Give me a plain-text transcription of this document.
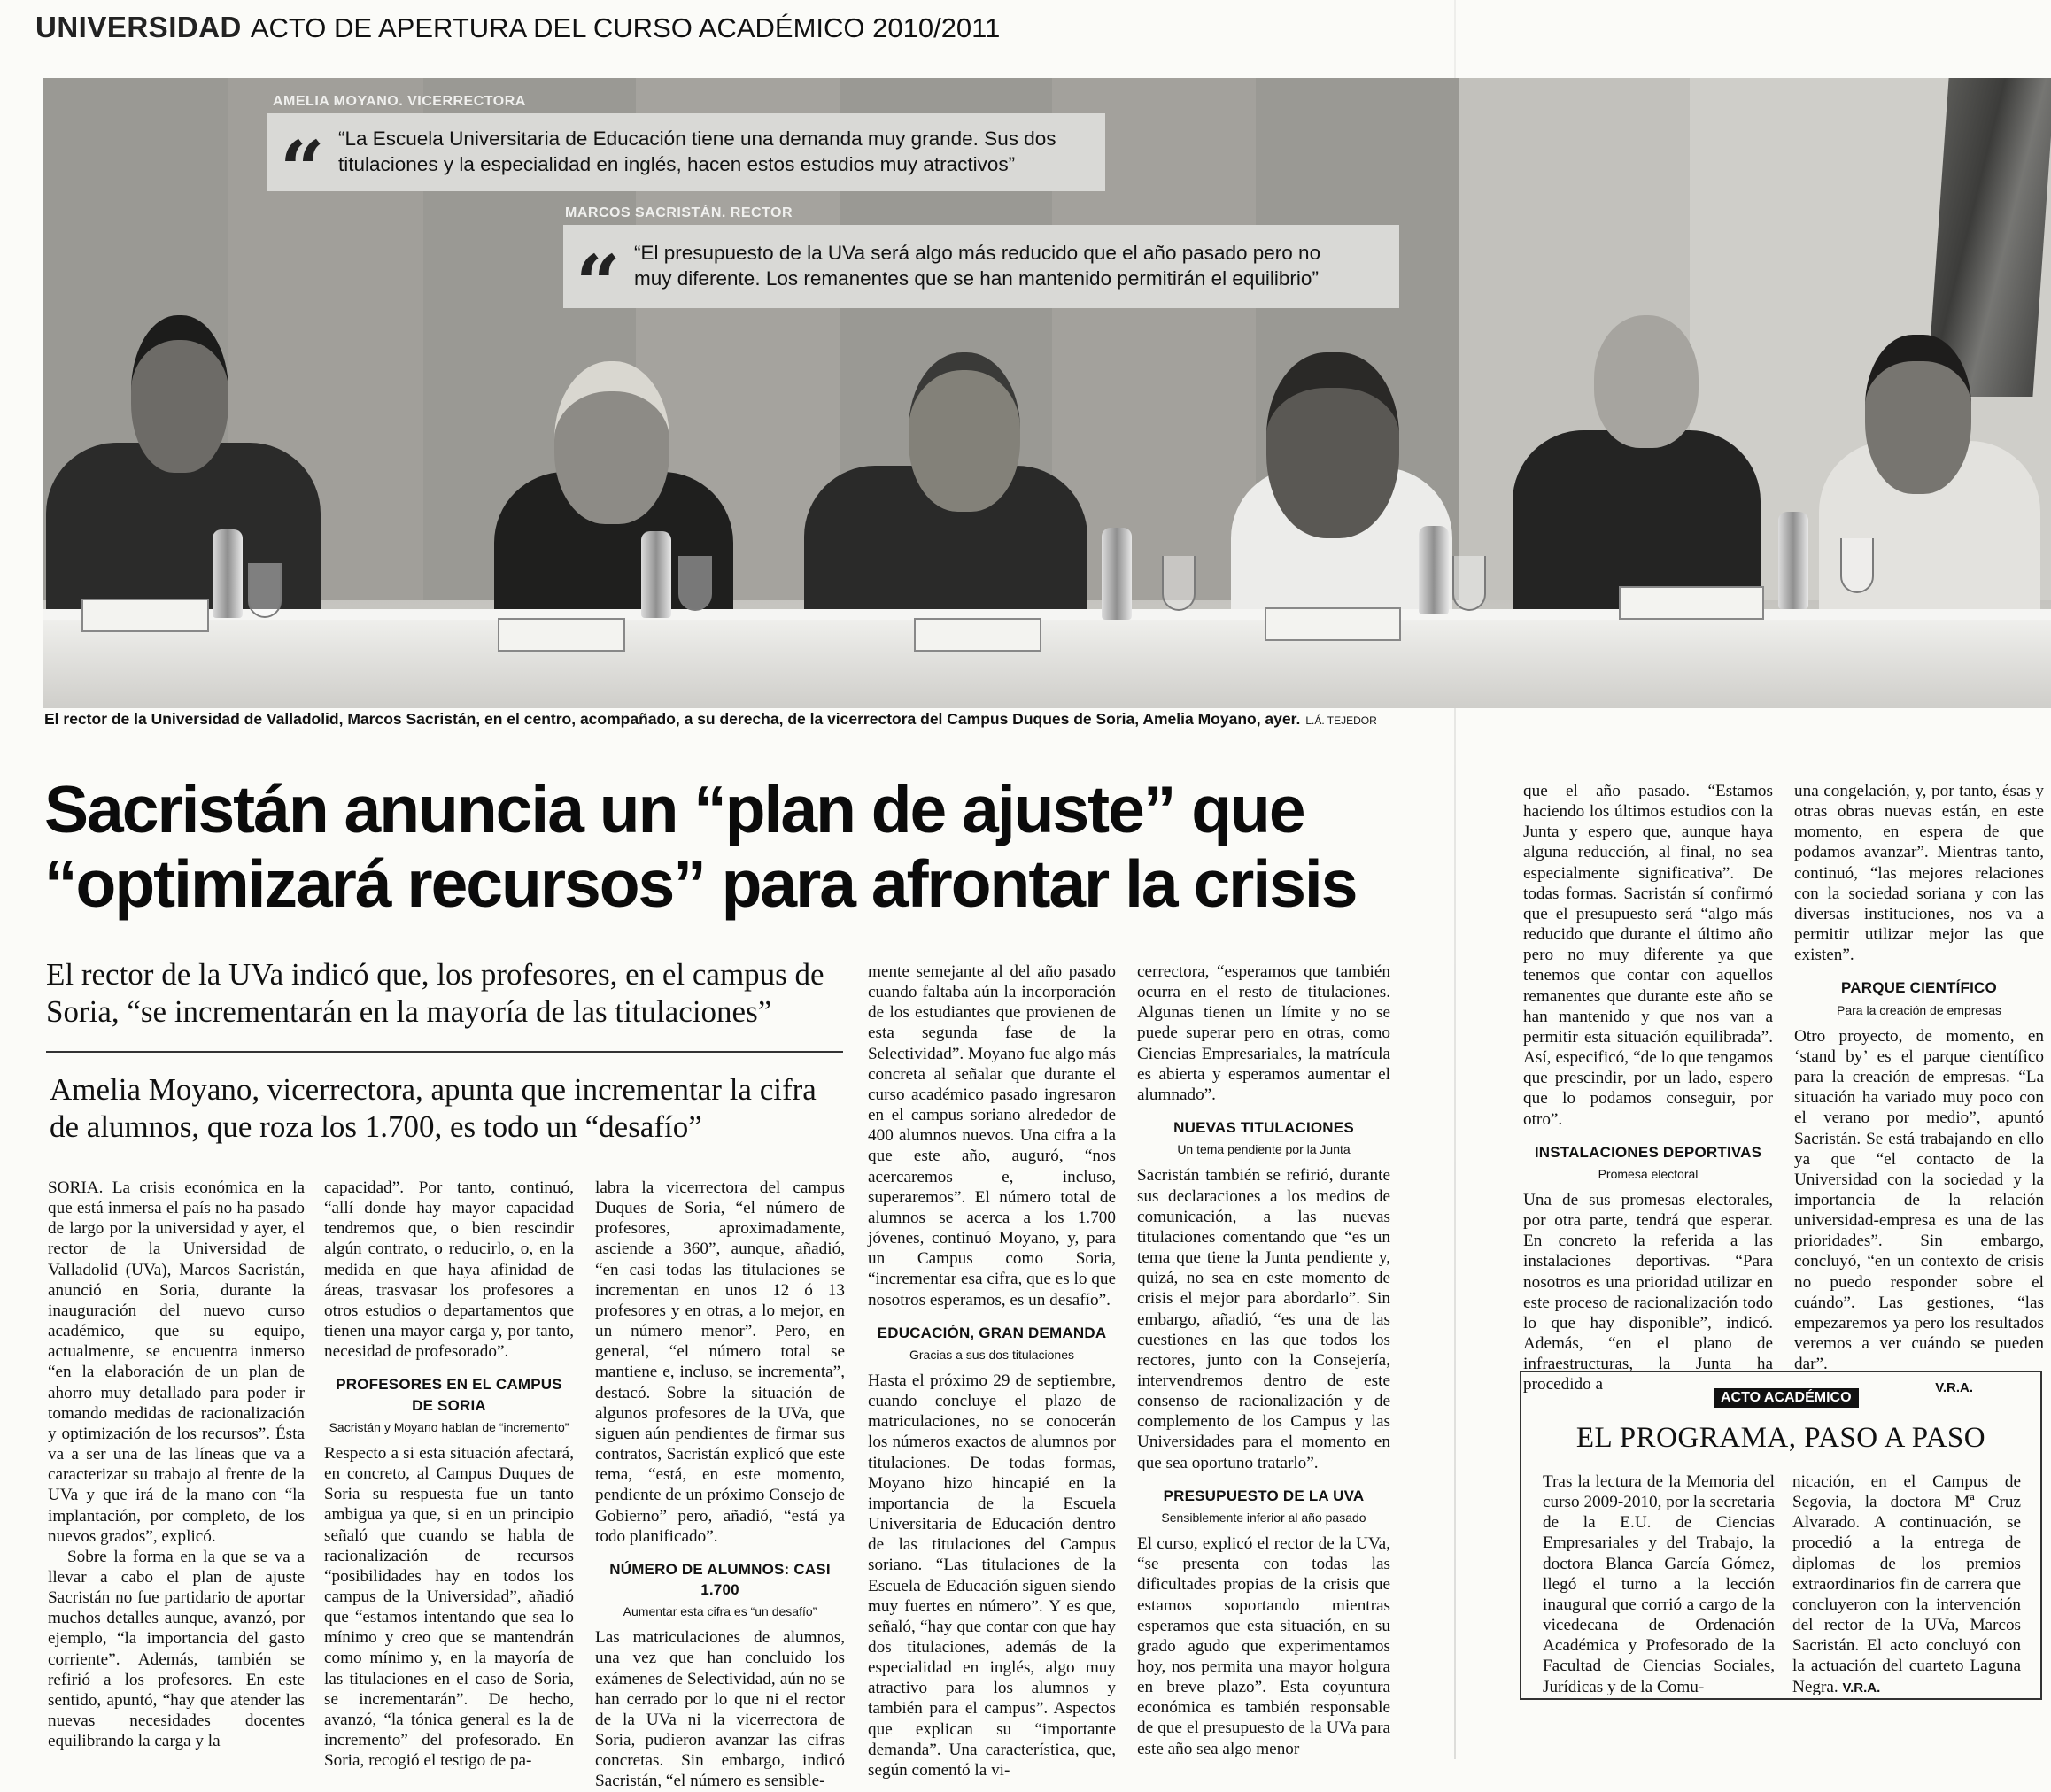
UNIVERSIDAD ACTO DE APERTURA DEL CURSO ACADÉMICO 2010/2011
AMELIA MOYANO. VICERRECTORA
“ “La Escuela Universitaria de Educación tiene una demanda muy grande. Sus dos
titulaciones y la especialidad en inglés, hacen estos estudios muy atractivos”
MARCOS SACRISTÁN. RECTOR
“ “El presupuesto de la UVa será algo más reducido que el año pasado pero no
muy diferente. Los remanentes que se han mantenido permitirán el equilibrio”
El rector de la Universidad de Valladolid, Marcos Sacristán, en el centro, acompañado, a su derecha, de la vicerrectora del Campus Duques de Soria, Amelia Moyano, ayer. L.Á. TEJEDOR
Sacristán anuncia un “plan de ajuste” que
“optimizará recursos” para afrontar la crisis
El rector de la UVa indicó que, los profesores, en el campus de Soria, “se incrementarán en la mayoría de las titulaciones”
Amelia Moyano, vicerrectora, apunta que incrementar la cifra de alumnos, que roza los 1.700, es todo un “desafío”

SORIA. La crisis económica en la que está inmersa el país no ha pasado de largo por la universidad y ayer, el rector de la Universidad de Valladolid (UVa), Marcos Sacristán, anunció en Soria, durante la inauguración del nuevo curso académico, que su equipo, actualmente, se encuentra inmerso “en la elaboración de un plan de ahorro muy detallado para poder ir tomando medidas de racionalización y optimización de los recursos”. Ésta va a ser una de las líneas que va a caracterizar su trabajo al frente de la UVa y que irá de la mano con “la implantación, por completo, de los nuevos grados”, explicó.

Sobre la forma en la que se va a llevar a cabo el plan de ajuste Sacristán no fue partidario de aportar muchos detalles aunque, avanzó, por ejemplo, “la importancia del gasto corriente”. Además, también se refirió a los profesores. En este sentido, apuntó, “hay que atender las nuevas necesidades docentes equilibrando la carga y la

capacidad”. Por tanto, continuó, “allí donde hay mayor capacidad tendremos que, o bien rescindir algún contrato, o reducirlo, o, en la medida en que haya afinidad de áreas, trasvasar los profesores a otros estudios o departamentos que tienen una mayor carga y, por tanto, necesidad de profesorado”.

PROFESORES EN EL CAMPUS DE SORIA
Sacristán y Moyano hablan de “incremento”

Respecto a si esta situación afectará, en concreto, al Campus Duques de Soria su respuesta fue un tanto ambigua ya que, si en un principio señaló que cuando se habla de racionalización de recursos “posibilidades hay en todos los campus de la Universidad”, añadió que “estamos intentando que sea lo mínimo y creo que se mantendrán como mínimo y, en la mayoría de las titulaciones en el caso de Soria, se incrementarán”. De hecho, avanzó, “la tónica general es la de incremento” del profesorado. En Soria, recogió el testigo de pa-

labra la vicerrectora del campus Duques de Soria, “el número de profesores, aproximadamente, asciende a 360”, aunque, añadió, “en casi todas las titulaciones se incrementan en unos 12 ó 13 profesores y en otras, a lo mejor, en un número menor”. Pero, en general, “el número total se mantiene e, incluso, se incrementa”, destacó. Sobre la situación de algunos profesores de la UVa, que siguen aún pendientes de firmar sus contratos, Sacristán explicó que este tema, “está, en este momento, pendiente de un próximo Consejo de Gobierno” pero, añadió, “está ya todo planificado”.

NÚMERO DE ALUMNOS: CASI 1.700
Aumentar esta cifra es “un desafío”

Las matriculaciones de alumnos, una vez que han concluido los exámenes de Selectividad, aún no se han cerrado por lo que ni el rector de la UVa ni la vicerrectora de Soria, pudieron avanzar las cifras concretas. Sin embargo, indicó Sacristán, “el número es sensible-

mente semejante al del año pasado cuando faltaba aún la incorporación de los estudiantes que provienen de esta segunda fase de la Selectividad”. Moyano fue algo más concreta al señalar que durante el curso académico pasado ingresaron en el campus soriano alrededor de 400 alumnos nuevos. Una cifra a la que este año, auguró, “nos acercaremos e, incluso, superaremos”. El número total de alumnos se acerca a los 1.700 jóvenes, continuó Moyano, y, para un Campus como Soria, “incrementar esa cifra, que es lo que nosotros esperamos, es un desafío”.

EDUCACIÓN, GRAN DEMANDA
Gracias a sus dos titulaciones

Hasta el próximo 29 de septiembre, cuando concluye el plazo de matriculaciones, no se conocerán los números exactos de alumnos por titulaciones. De todas formas, Moyano hizo hincapié en la importancia de la Escuela Universitaria de Educación dentro de las titulaciones del Campus soriano. “Las titulaciones de la Escuela de Educación siguen siendo muy fuertes en número”. Y es que, señaló, “hay que contar con que hay dos titulaciones, además de la especialidad en inglés, algo muy atractivo para los alumnos y también para el campus”. Aspectos que explican su “importante demanda”. Una característica, que, según comentó la vi-

cerrectora, “esperamos que también ocurra en el resto de titulaciones. Algunas tienen un límite y no se puede superar pero en otras, como Ciencias Empresariales, la matrícula es abierta y esperamos aumentar el alumnado”.

NUEVAS TITULACIONES
Un tema pendiente por la Junta

Sacristán también se refirió, durante sus declaraciones a los medios de comunicación, a las nuevas titulaciones comentando que “es un tema que tiene la Junta pendiente y, quizá, no sea en este momento de crisis el mejor para abordarlo”. Sin embargo, añadió, “es una de las cuestiones en las que todos los rectores, junto con la Consejería, intervendremos dentro de este consenso de racionalización y de complemento de los Campus y las Universidades para el momento en que sea oportuno tratarlo”.

PRESUPUESTO DE LA UVA
Sensiblemente inferior al año pasado

El curso, explicó el rector de la UVa, “se presenta con todas las dificultades propias de la crisis que estamos soportando mientras esperamos que esta situación, en su grado agudo que experimentamos hoy, nos permita una mayor holgura en breve plazo”. Esta coyuntura económica es también responsable de que el presupuesto de la UVa para este año sea algo menor

que el año pasado. “Estamos haciendo los últimos estudios con la Junta y espero que, aunque haya alguna reducción, al final, no sea especialmente significativa”. De todas formas. Sacristán sí confirmó que el presupuesto será “algo más reducido que durante el último año pero no muy diferente ya que tenemos que contar con aquellos remanentes que durante este año se han mantenido y que nos van a permitir esta situación equilibrada”. Así, especificó, “de lo que tengamos que prescindir, por un lado, espero que lo podamos conseguir, por otro”.

INSTALACIONES DEPORTIVAS
Promesa electoral

Una de sus promesas electorales, por otra parte, tendrá que esperar. En concreto la referida a las instalaciones deportivas. “Para nosotros es una prioridad utilizar en este proceso de racionalización todo lo que hay disponible”, indicó. Además, “en el plano de infraestructuras, la Junta ha procedido a

una congelación, y, por tanto, ésas y otras obras nuevas están, en este momento, en espera de que podamos avanzar”. Mientras tanto, continuó, “las mejores relaciones con la sociedad soriana y con las diversas instituciones, nos va a permitir utilizar mejor las que existen”.

PARQUE CIENTÍFICO
Para la creación de empresas

Otro proyecto, de momento, en ‘stand by’ es el parque científico para la creación de empresas. “La situación ha variado muy poco con el verano por medio”, apuntó Sacristán. Se está trabajando en ello ya que “el contacto de la Universidad con la sociedad y la importancia de la relación universidad-empresa es una de las prioridades”. Sin embargo, concluyó, “en un contexto de crisis no puedo responder sobre el cuándo”. Las gestiones, “las empezaremos ya pero los resultados veremos a ver cuándo se pueden dar”.

V.R.A.
ACTO ACADÉMICO
EL PROGRAMA, PASO A PASO
Tras la lectura de la Memoria del curso 2009-2010, por la secretaria de la E.U. de Ciencias Empresariales y del Trabajo, la doctora Blanca García Gómez, llegó el turno a la lección inaugural que corrió a cargo de la vicedecana de Ordenación Académica y Profesorado de la Facultad de Ciencias Sociales, Jurídicas y de la Comu-
nicación, en el Campus de Segovia, la doctora Mª Cruz Alvarado. A continuación, se procedió a la entrega de diplomas de los premios extraordinarios fin de carrera que concluyeron con la intervención del rector de la UVa, Marcos Sacristán. El acto concluyó con la actuación del cuarteto Laguna Negra. V.R.A.
